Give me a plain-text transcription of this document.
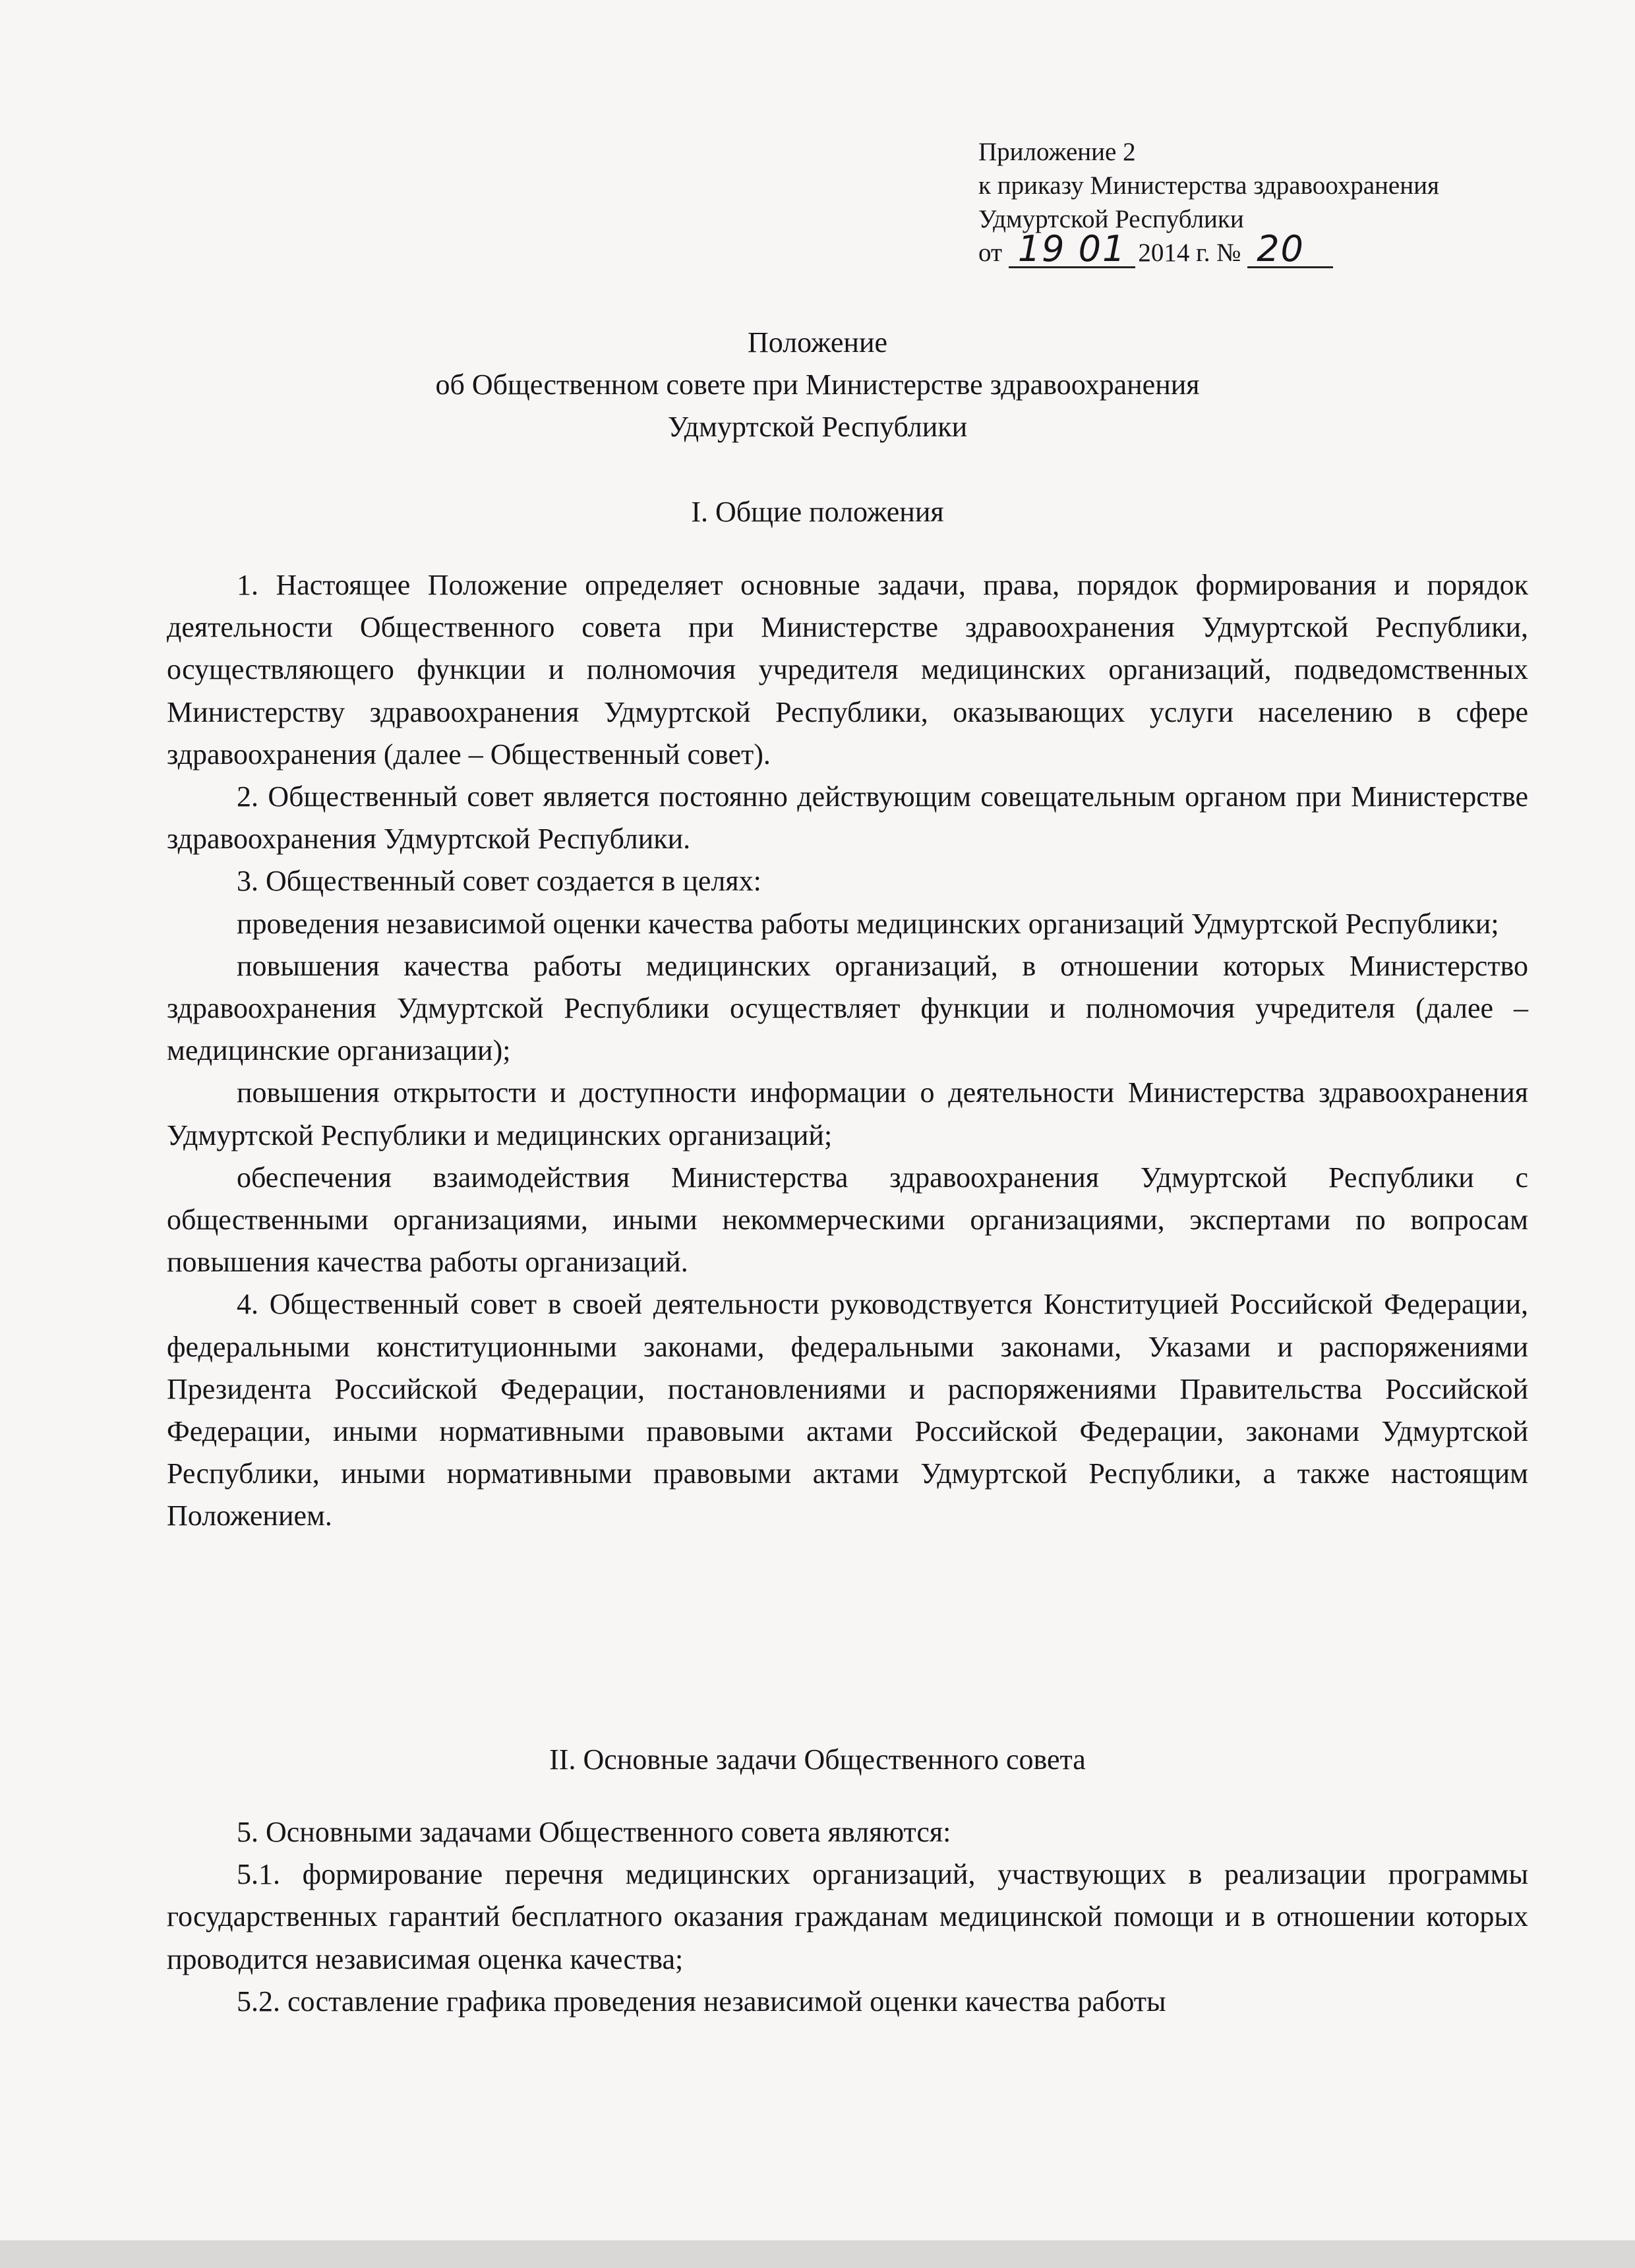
Приложение 2
к приказу Министерства здравоохранения
Удмуртской Республики
от 19 01 2014 г. № 20
Положение
об Общественном совете при Министерстве здравоохранения
Удмуртской Республики
I. Общие положения

1. Настоящее Положение определяет основные задачи, права, порядок формирования и порядок деятельности Общественного совета при Министерстве здравоохранения Удмуртской Республики, осуществляющего функции и полномочия учредителя медицинских организаций, подведомственных Министерству здравоохранения Удмуртской Республики, оказывающих услуги населению в сфере здравоохранения (далее – Общественный совет).

2. Общественный совет является постоянно действующим совещательным органом при Министерстве здравоохранения Удмуртской Республики.

3. Общественный совет создается в целях:

проведения независимой оценки качества работы медицинских организаций Удмуртской Республики;

повышения качества работы медицинских организаций, в отношении которых Министерство здравоохранения Удмуртской Республики осуществляет функции и полномочия учредителя (далее – медицинские организации);

повышения открытости и доступности информации о деятельности Министерства здравоохранения Удмуртской Республики и медицинских организаций;

обеспечения взаимодействия Министерства здравоохранения Удмуртской Республики с общественными организациями, иными некоммерческими организациями, экспертами по вопросам повышения качества работы организаций.

4. Общественный совет в своей деятельности руководствуется Конституцией Российской Федерации, федеральными конституционными законами, федеральными законами, Указами и распоряжениями Президента Российской Федерации, постановлениями и распоряжениями Правительства Российской Федерации, иными нормативными правовыми актами Российской Федерации, законами Удмуртской Республики, иными нормативными правовыми актами Удмуртской Республики, а также настоящим Положением.

II. Основные задачи Общественного совета

5. Основными задачами Общественного совета являются:

5.1. формирование перечня медицинских организаций, участвующих в реализации программы государственных гарантий бесплатного оказания гражданам медицинской помощи и в отношении которых проводится независимая оценка качества;

5.2. составление графика проведения независимой оценки качества работы
